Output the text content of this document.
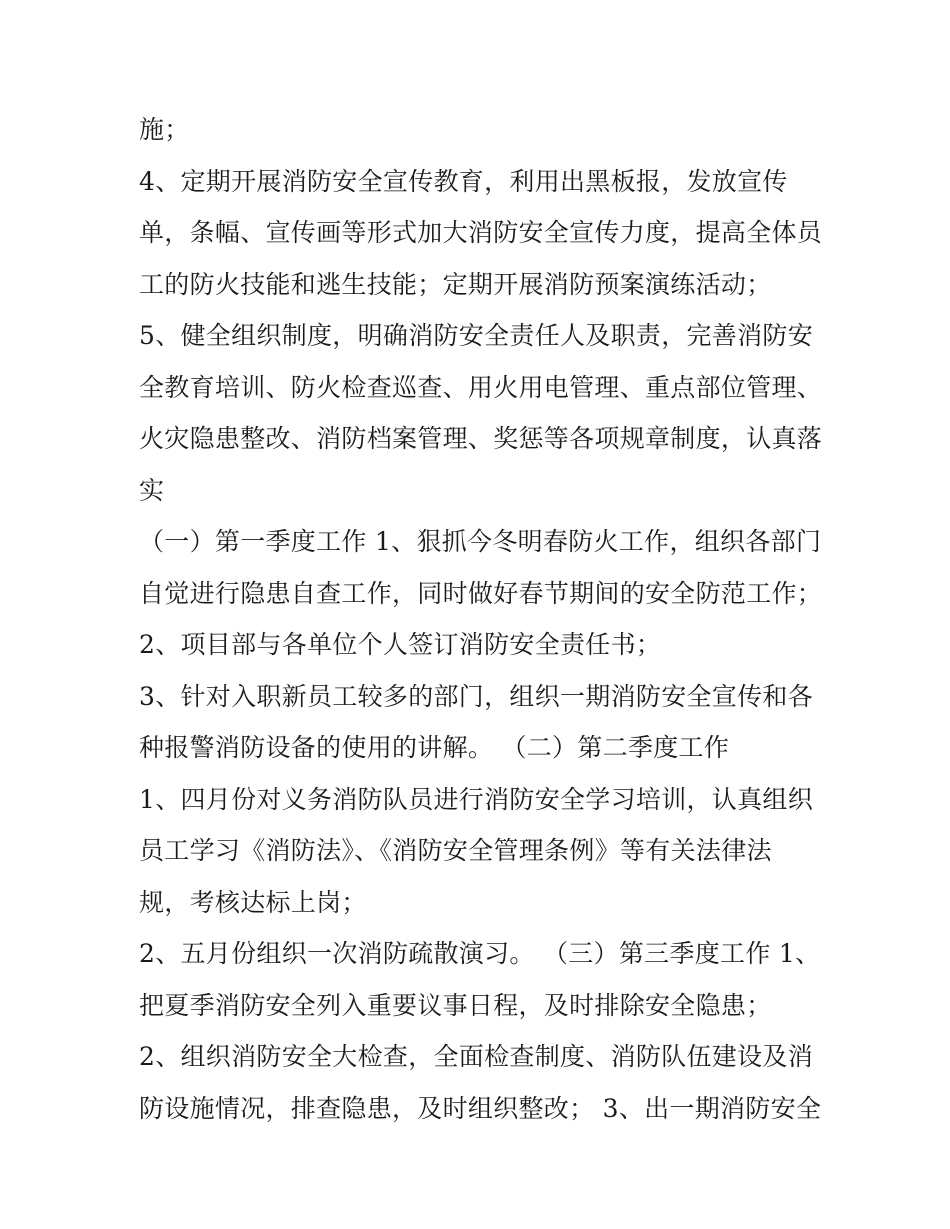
施；
4、定期开展消防安全宣传教育，利用出黑板报，发放宣传
单，条幅、宣传画等形式加大消防安全宣传力度，提高全体员
工的防火技能和逃生技能；定期开展消防预案演练活动；
5、健全组织制度，明确消防安全责任人及职责，完善消防安
全教育培训、防火检查巡查、用火用电管理、重点部位管理、
火灾隐患整改、消防档案管理、奖惩等各项规章制度，认真落
实
（一）第一季度工作 1、狠抓今冬明春防火工作，组织各部门
自觉进行隐患自查工作，同时做好春节期间的安全防范工作；
2、项目部与各单位个人签订消防安全责任书；
3、针对入职新员工较多的部门，组织一期消防安全宣传和各
种报警消防设备的使用的讲解。 （二）第二季度工作
1、四月份对义务消防队员进行消防安全学习培训，认真组织
员工学习《消防法》、《消防安全管理条例》等有关法律法
规，考核达标上岗；
2、五月份组织一次消防疏散演习。 （三）第三季度工作 1、
把夏季消防安全列入重要议事日程，及时排除安全隐患；
2、组织消防安全大检查，全面检查制度、消防队伍建设及消
防设施情况，排查隐患，及时组织整改； 3、出一期消防安全
